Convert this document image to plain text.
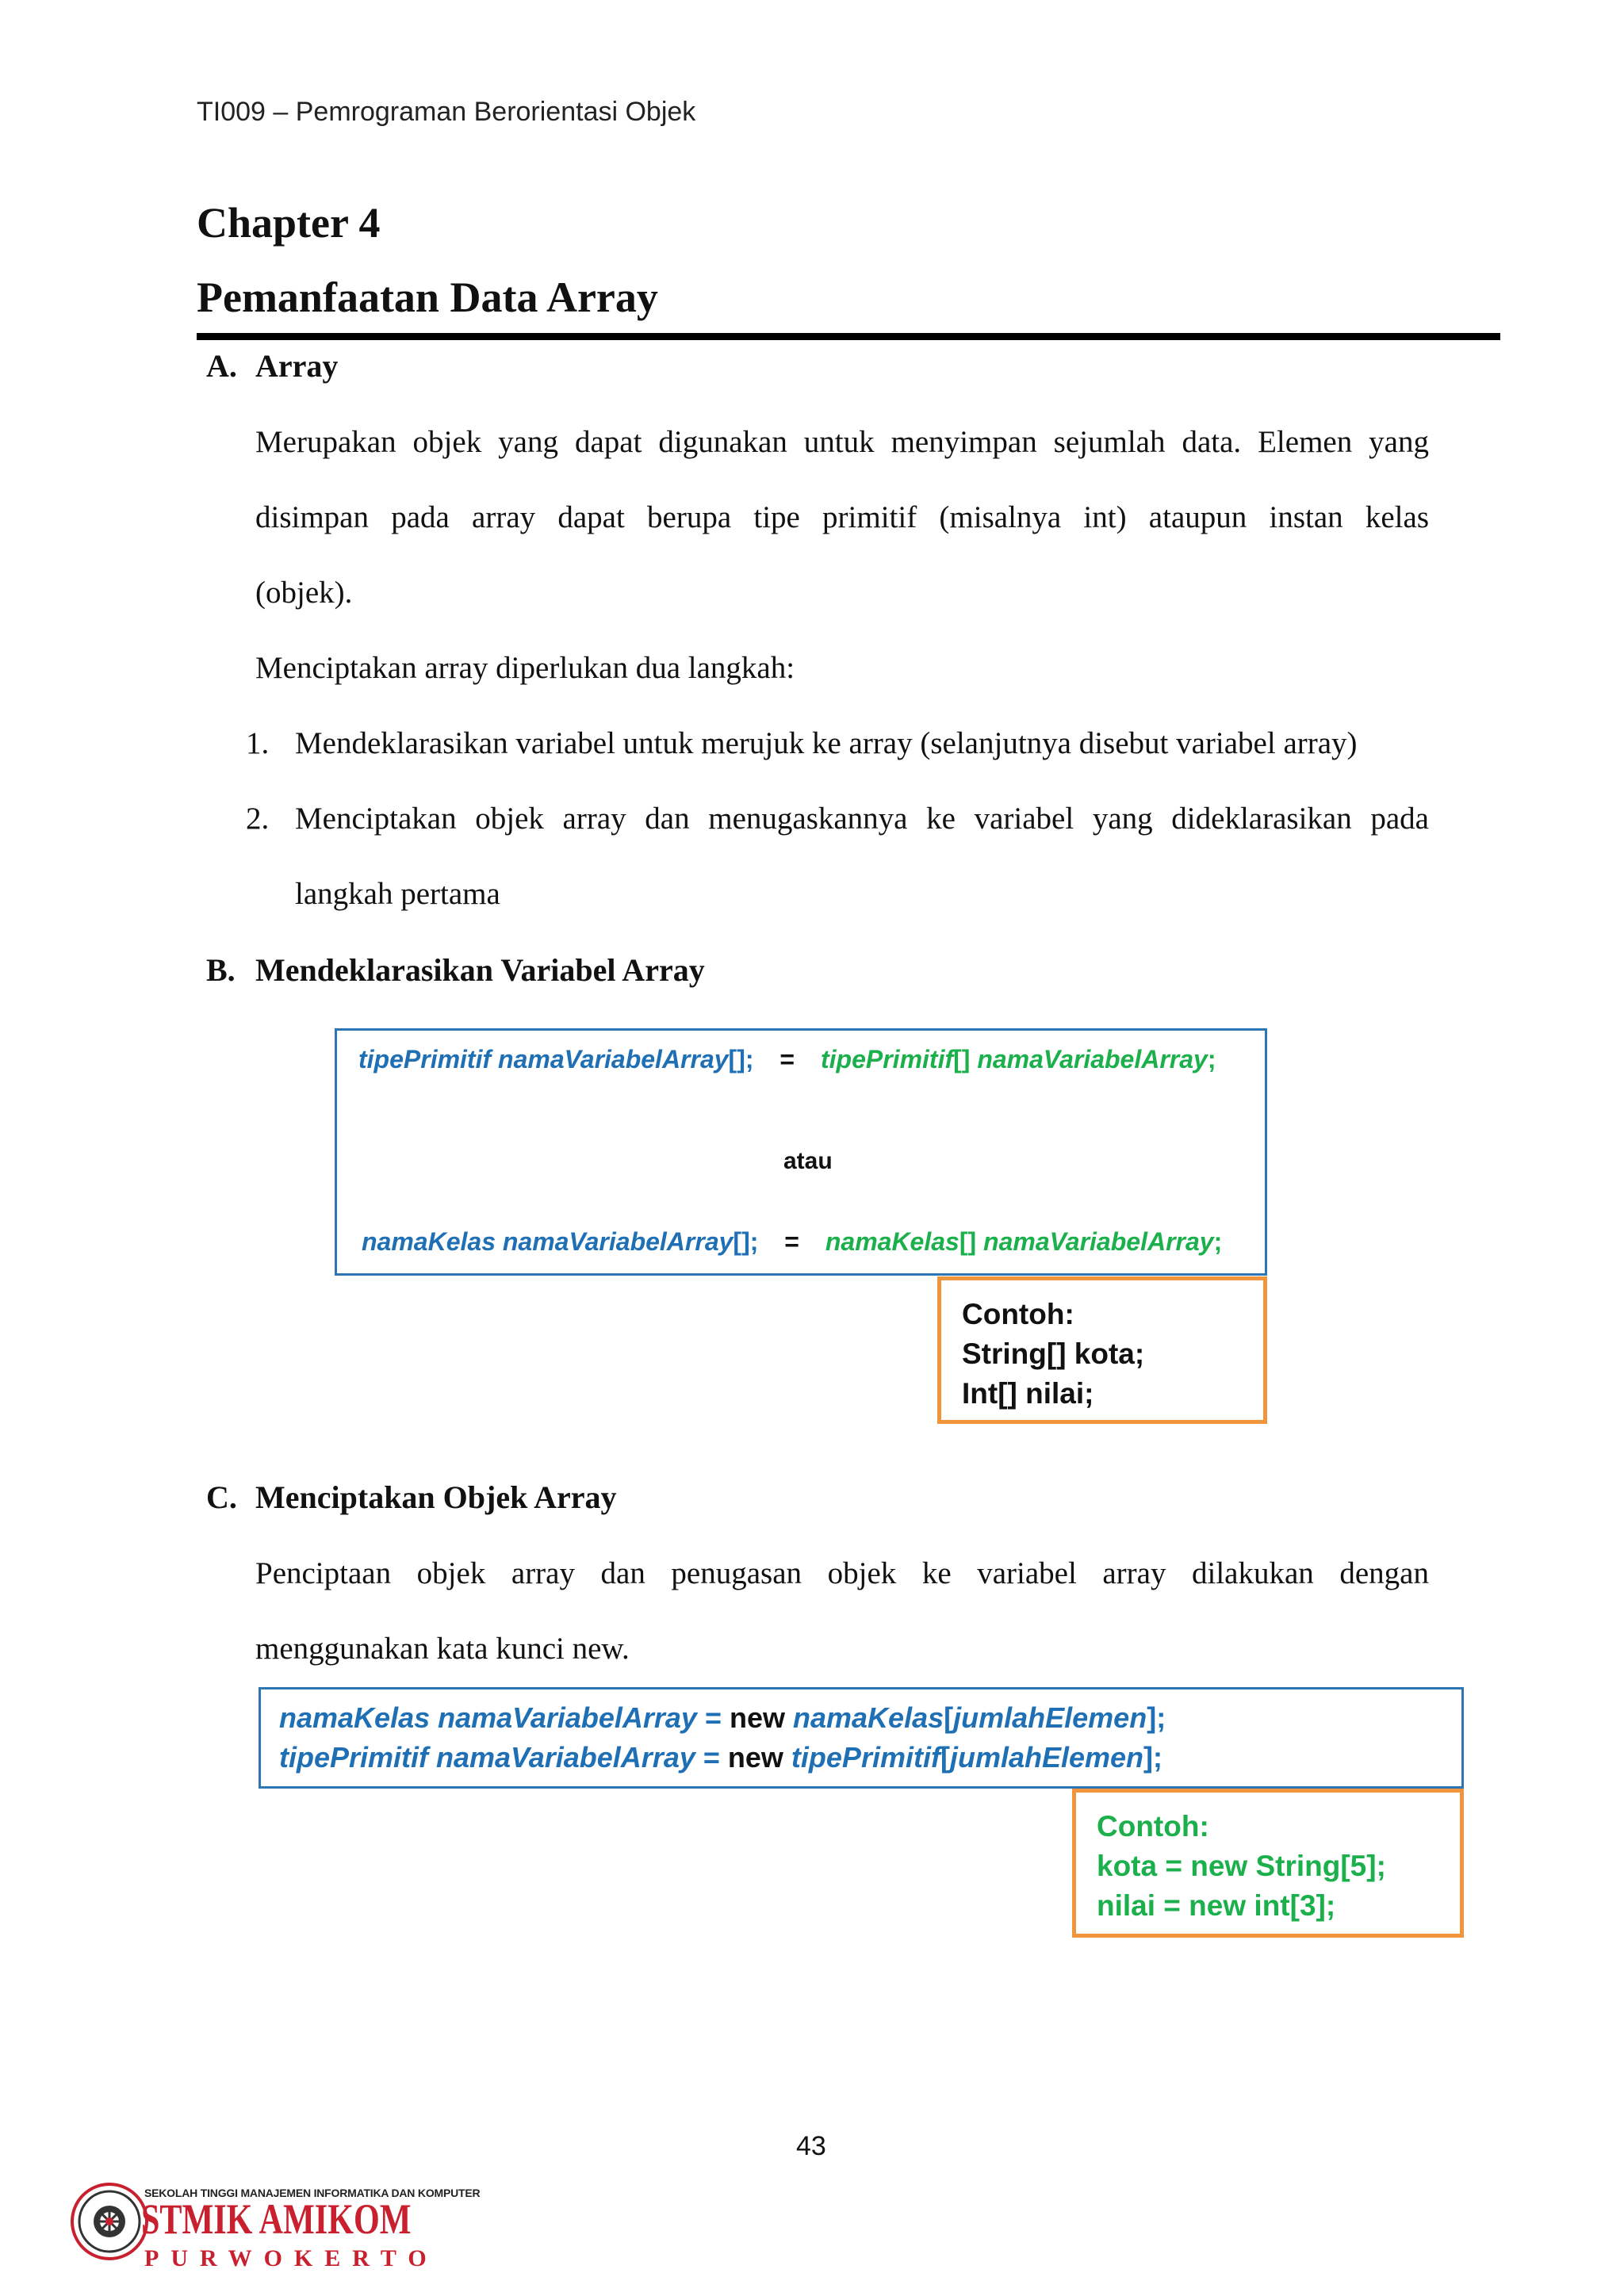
TI009 – Pemrograman Berorientasi Objek
Chapter 4
Pemanfaatan Data Array
A. Array
Merupakan objek yang dapat digunakan untuk menyimpan sejumlah data. Elemen yang
disimpan pada array dapat berupa tipe primitif (misalnya int) ataupun instan kelas
(objek).
Menciptakan array diperlukan dua langkah:
1. Mendeklarasikan variabel untuk merujuk ke array (selanjutnya disebut variabel array)
2. Menciptakan objek array dan menugaskannya ke variabel yang dideklarasikan pada
langkah pertama
B. Mendeklarasikan Variabel Array
tipePrimitif namaVariabelArray[]; = tipePrimitif[] namaVariabelArray;
atau
namaKelas namaVariabelArray[]; = namaKelas[] namaVariabelArray;
Contoh:
String[] kota;
Int[] nilai;
C. Menciptakan Objek Array
Penciptaan objek array dan penugasan objek ke variabel array dilakukan dengan
menggunakan kata kunci new.
namaKelas namaVariabelArray = new namaKelas[jumlahElemen];
tipePrimitif namaVariabelArray = new tipePrimitif[jumlahElemen];
Contoh:
kota = new String[5];
nilai = new int[3];
43
SEKOLAH TINGGI MANAJEMEN INFORMATIKA DAN KOMPUTER
STMIK AMIKOM
PURWOKERTO
